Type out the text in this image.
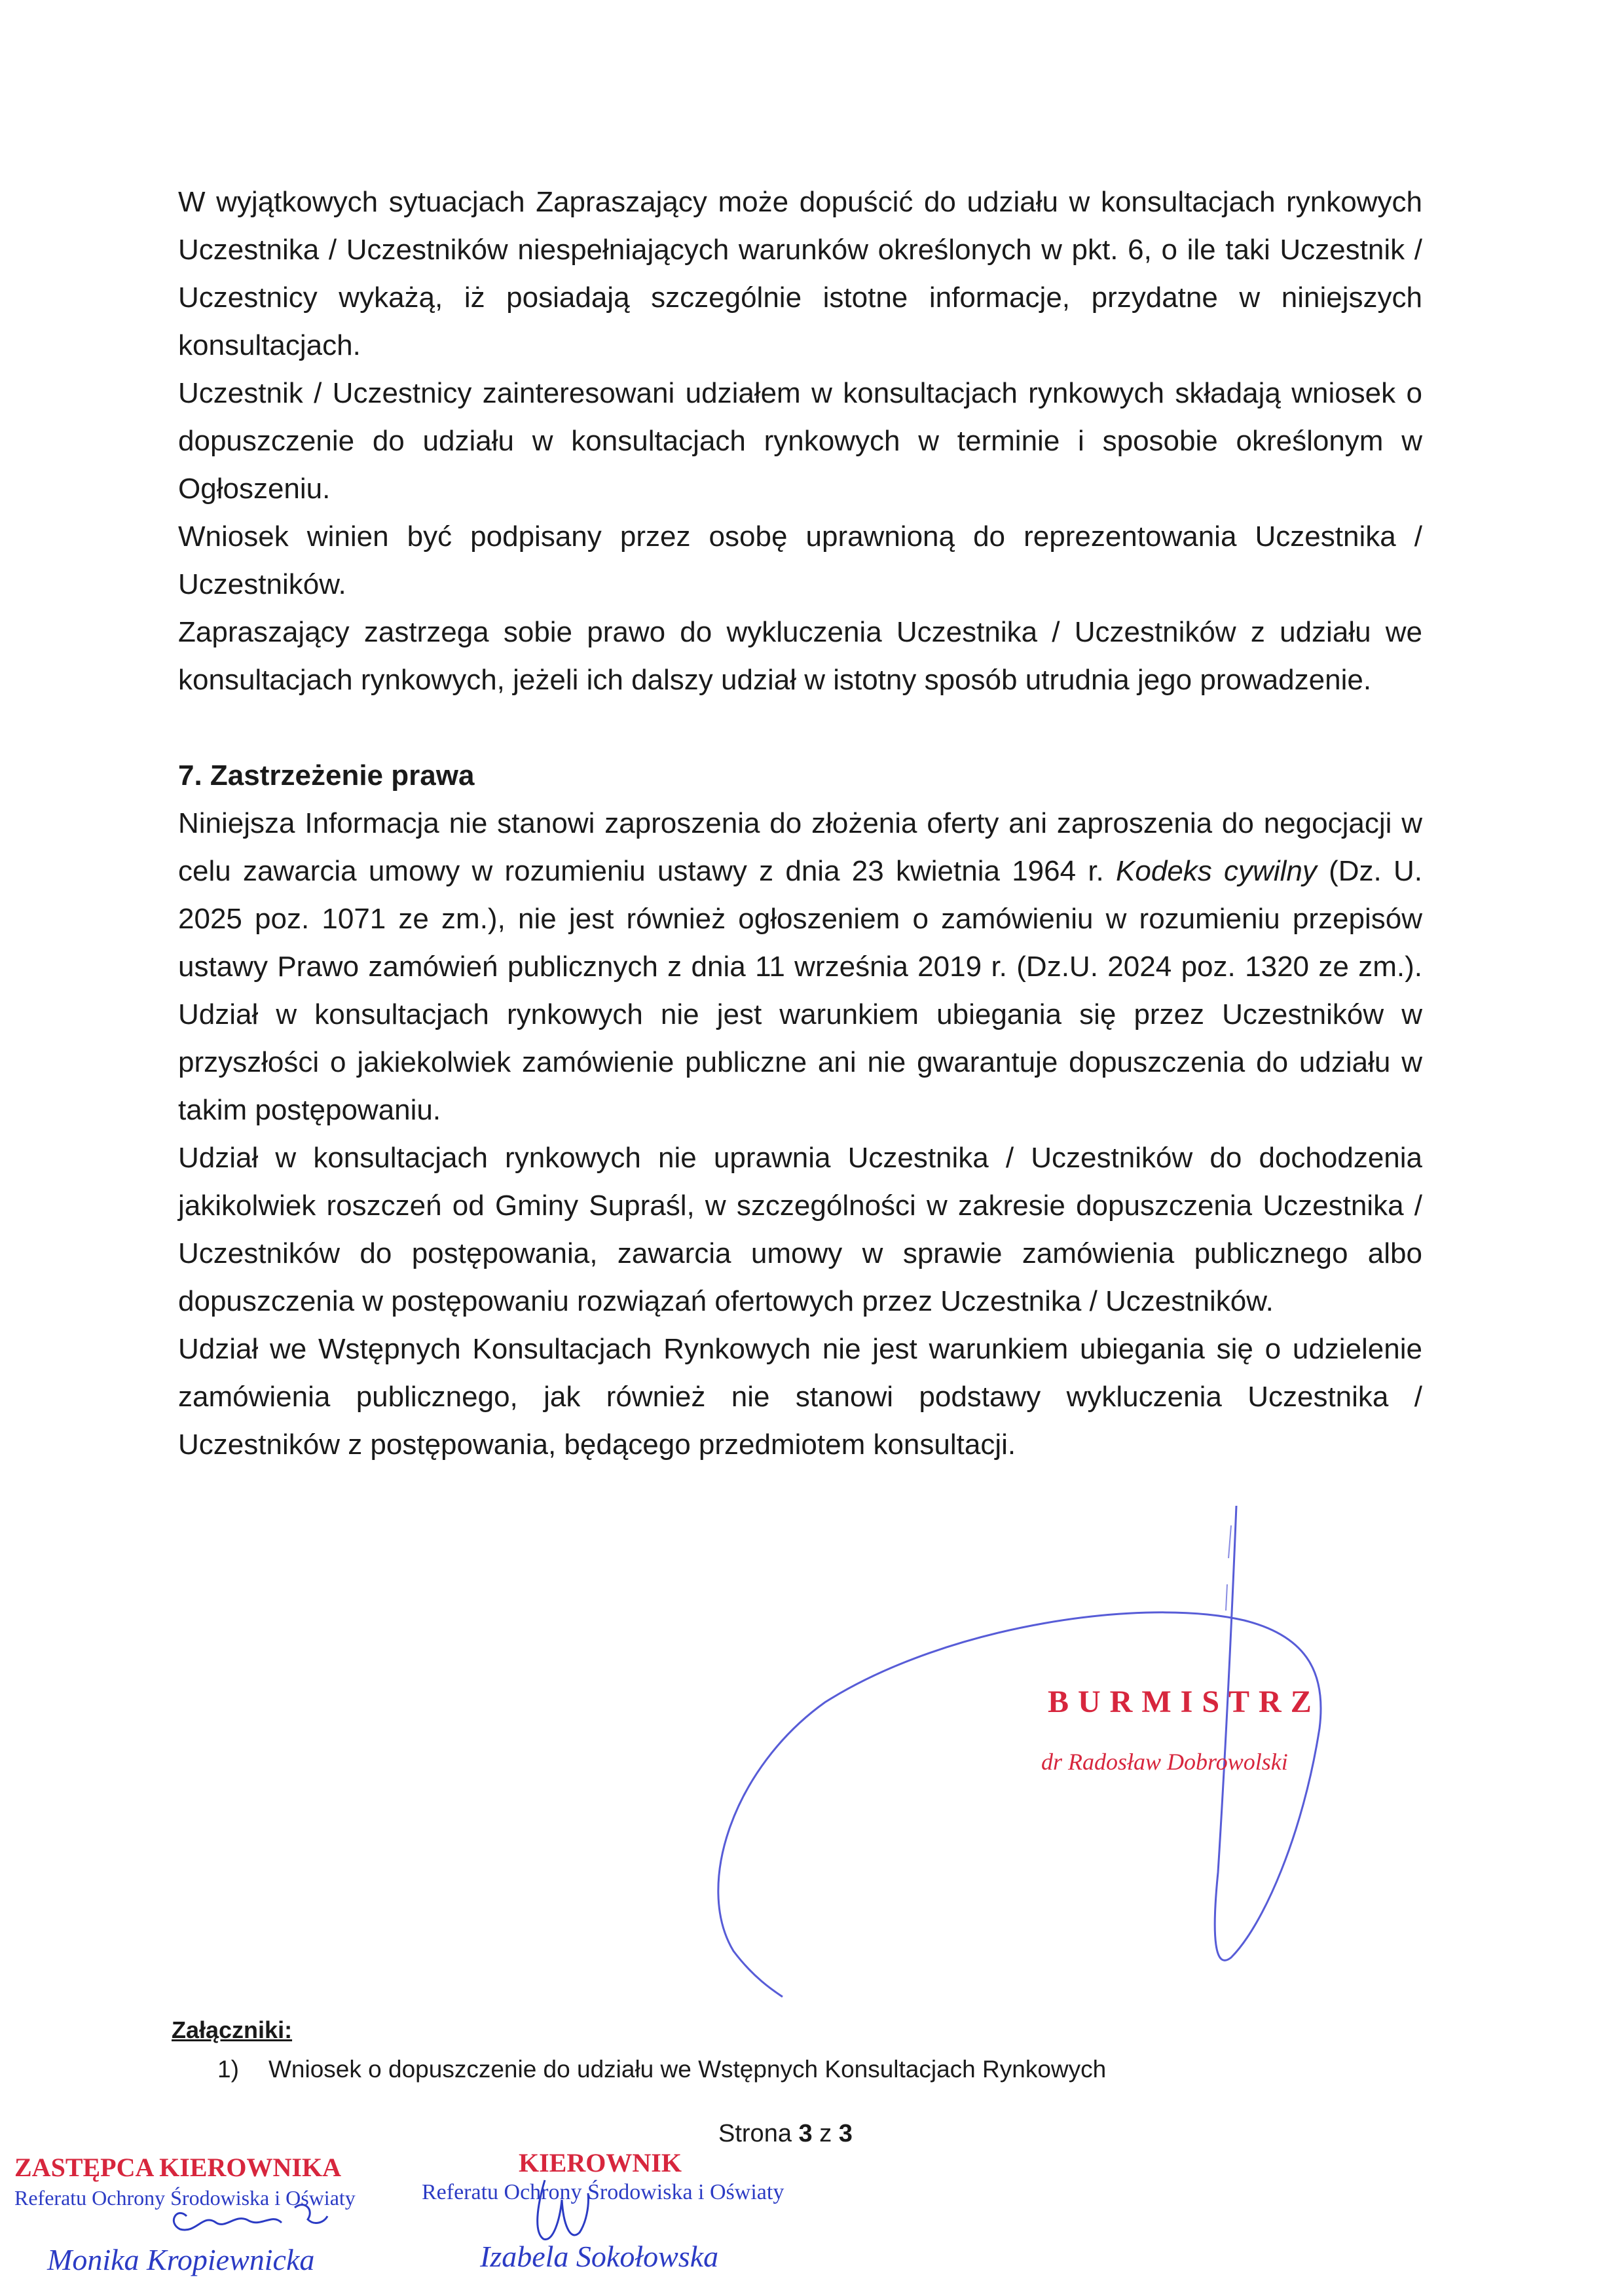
W wyjątkowych sytuacjach Zapraszający może dopuścić do udziału w konsultacjach rynkowych Uczestnika / Uczestników niespełniających warunków określonych w pkt. 6, o ile taki Uczestnik / Uczestnicy wykażą, iż posiadają szczególnie istotne informacje, przydatne w niniejszych konsultacjach.

Uczestnik / Uczestnicy zainteresowani udziałem w konsultacjach rynkowych składają wniosek o dopuszczenie do udziału w konsultacjach rynkowych w terminie i sposobie określonym w Ogłoszeniu.

Wniosek winien być podpisany przez osobę uprawnioną do reprezentowania Uczestnika / Uczestników.

Zapraszający zastrzega sobie prawo do wykluczenia Uczestnika / Uczestników z udziału we konsultacjach rynkowych, jeżeli ich dalszy udział w istotny sposób utrudnia jego prowadzenie.

7. Zastrzeżenie prawa

Niniejsza Informacja nie stanowi zaproszenia do złożenia oferty ani zaproszenia do negocjacji w celu zawarcia umowy w rozumieniu ustawy z dnia 23 kwietnia 1964 r. Kodeks cywilny (Dz. U. 2025 poz. 1071 ze zm.), nie jest również ogłoszeniem o zamówieniu w rozumieniu przepisów ustawy Prawo zamówień publicznych z dnia 11 września 2019 r. (Dz.U. 2024 poz. 1320 ze zm.). Udział w konsultacjach rynkowych nie jest warunkiem ubiegania się przez Uczestników w przyszłości o jakiekolwiek zamówienie publiczne ani nie gwarantuje dopuszczenia do udziału w takim postępowaniu.

Udział w konsultacjach rynkowych nie uprawnia Uczestnika / Uczestników do dochodzenia jakikolwiek roszczeń od Gminy Supraśl, w szczególności w zakresie dopuszczenia Uczestnika / Uczestników do postępowania, zawarcia umowy w sprawie zamówienia publicznego albo dopuszczenia w postępowaniu rozwiązań ofertowych przez Uczestnika / Uczestników.

Udział we Wstępnych Konsultacjach Rynkowych nie jest warunkiem ubiegania się o udzielenie zamówienia publicznego, jak również nie stanowi podstawy wykluczenia Uczestnika / Uczestników z postępowania, będącego przedmiotem konsultacji.

BURMISTRZ
dr Radosław Dobrowolski
Załączniki:
1) Wniosek o dopuszczenie do udziału we Wstępnych Konsultacjach Rynkowych
Strona 3 z 3
ZASTĘPCA KIEROWNIKA
Referatu Ochrony Środowiska i Oświaty
Monika Kropiewnicka
KIEROWNIK
Referatu Ochrony Środowiska i Oświaty
Izabela Sokołowska
